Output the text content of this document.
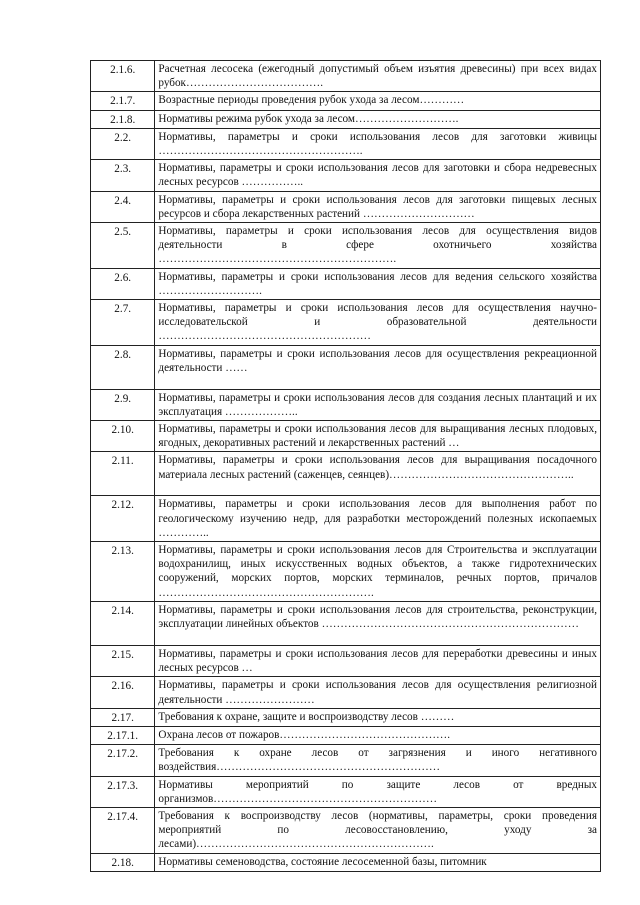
2.1.6.	Расчетная лесосека (ежегодный допустимый объем изъятия древесины) при всех видах рубок……………………………….
2.1.7.	Возрастные периоды проведения рубок ухода за лесом…………
2.1.8.	Нормативы режима рубок ухода за лесом……………………….
2.2.	Нормативы, параметры и сроки использования лесов для заготовки живицы ……………………………………………….
2.3.	Нормативы, параметры и сроки использования лесов для заготовки и сбора недревесных лесных ресурсов ……………..
2.4.	Нормативы, параметры и сроки использования лесов для заготовки пищевых лесных ресурсов и сбора лекарственных растений …………………………
2.5.	Нормативы, параметры и сроки использования лесов для осуществления видов деятельности в сфере охотничьего хозяйства ……………………………………………………….
2.6.	Нормативы, параметры и сроки использования лесов для ведения сельского хозяйства ……………………….
2.7.	Нормативы, параметры и сроки использования лесов для осуществления научно-исследовательской и образовательной деятельности …………………………………………………
2.8.	Нормативы, параметры и сроки использования лесов для осуществления рекреационной деятельности ……
2.9.	Нормативы, параметры и сроки использования лесов для создания лесных плантаций и их эксплуатация ………………..
2.10.	Нормативы, параметры и сроки использования лесов для выращивания лесных плодовых, ягодных, декоративных растений и лекарственных растений …
2.11.	Нормативы, параметры и сроки использования лесов для выращивания посадочного материала лесных растений (саженцев, сеянцев)…………………………………………..
2.12.	Нормативы, параметры и сроки использования лесов для выполнения работ по геологическому изучению недр, для разработки месторождений полезных ископаемых …………..
2.13.	Нормативы, параметры и сроки использования лесов для Строительства и эксплуатации водохранилищ, иных искусственных водных объектов, а также гидротехнических сооружений, морских портов, морских терминалов, речных портов, причалов ………………………………………………….
2.14.	Нормативы, параметры и сроки использования лесов для строительства, реконструкции, эксплуатации линейных объектов ……………………………………………………………
2.15.	Нормативы, параметры и сроки использования лесов для переработки древесины и иных лесных ресурсов …
2.16.	Нормативы, параметры и сроки использования лесов для осуществления религиозной деятельности ……………………
2.17.	Требования к охране, защите и воспроизводству лесов ………
2.17.1.	Охрана лесов от пожаров……………………………………….
2.17.2.	Требования к охране лесов от загрязнения и иного негативного воздействия……………………………………………………
2.17.3.	Нормативы мероприятий по защите лесов от вредных организмов……………………………………………………
2.17.4.	Требования к воспроизводству лесов (нормативы, параметры, сроки проведения мероприятий по лесовосстановлению, уходу за лесами)……………………………………………………….
2.18.	Нормативы семеноводства, состояние лесосеменной базы, питомник
